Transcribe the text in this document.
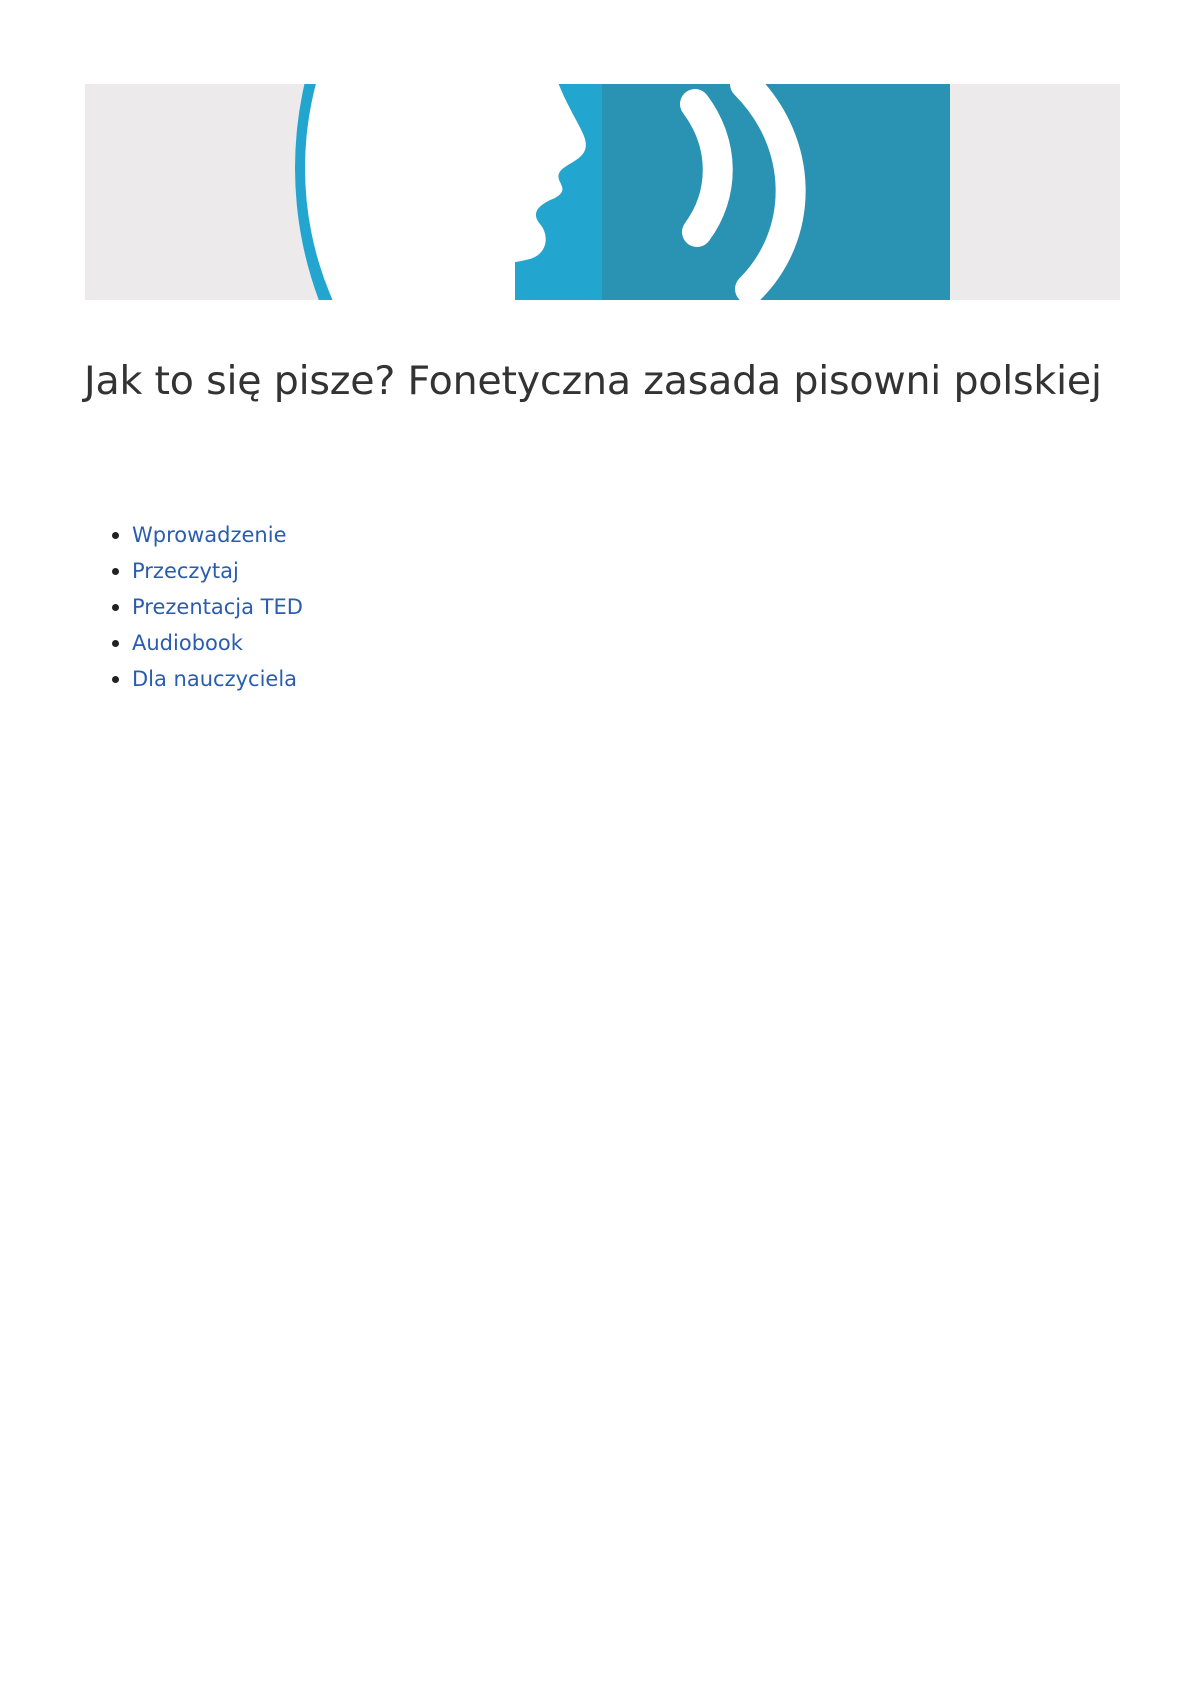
Jak to się pisze? Fonetyczna zasada pisowni polskiej
Wprowadzenie
Przeczytaj
Prezentacja TED
Audiobook
Dla nauczyciela
